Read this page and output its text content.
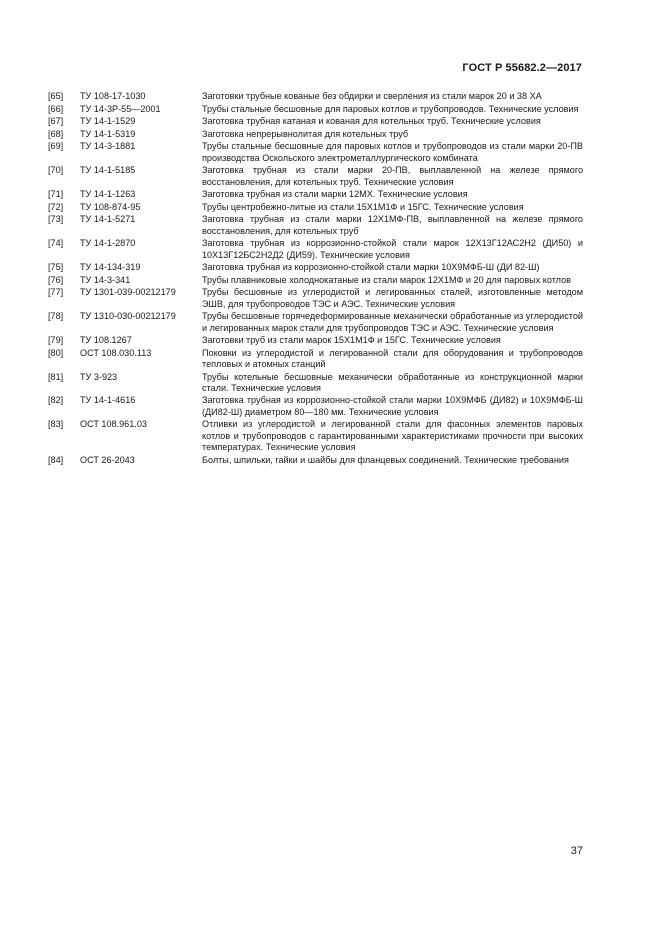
ГОСТ Р 55682.2—2017
[65]	ТУ 108-17-1030	Заготовки трубные кованые без обдирки и сверления из стали марок 20 и 38 ХА
[66]	ТУ 14-3Р-55—2001	Трубы стальные бесшовные для паровых котлов и трубопроводов. Технические условия
[67]	ТУ 14-1-1529	Заготовка трубная катаная и кованая для котельных труб. Технические условия
[68]	ТУ 14-1-5319	Заготовка непрерывнолитая для котельных труб
[69]	ТУ 14-3-1881	Трубы стальные бесшовные для паровых котлов и трубопроводов из стали марки 20-ПВ производства Оскольского электрометаллургического комбината
[70]	ТУ 14-1-5185	Заготовка трубная из стали марки 20-ПВ, выплавленной на железе прямого восстановления, для котельных труб. Технические условия
[71]	ТУ 14-1-1263	Заготовка трубная из стали марки 12МХ. Технические условия
[72]	ТУ 108-874-95	Трубы центробежно-литые из стали 15Х1М1Ф и 15ГС. Технические условия
[73]	ТУ 14-1-5271	Заготовка трубная из стали марки 12Х1МФ-ПВ, выплавленной на железе прямого восстановления, для котельных труб
[74]	ТУ 14-1-2870	Заготовка трубная из коррозионно-стойкой стали марок 12Х13Г12АС2Н2 (ДИ50) и 10Х13Г12БС2Н2Д2 (ДИ59). Технические условия
[75]	ТУ 14-134-319	Заготовка трубная из коррозионно-стойкой стали марки 10Х9МФБ-Ш (ДИ 82-Ш)
[76]	ТУ 14-3-341	Трубы плавниковые холоднокатаные из стали марок 12Х1МФ и 20 для паровых котлов
[77]	ТУ 1301-039-00212179	Трубы бесшовные из углеродистой и легированных сталей, изготовленные методом ЭШВ, для трубопроводов ТЭС и АЭС. Технические условия
[78]	ТУ 1310-030-00212179	Трубы бесшовные горячедеформированные механически обработанные из углеродистой и легированных марок стали для трубопроводов ТЭС и АЭС. Технические условия
[79]	ТУ 108.1267	Заготовки труб из стали марок 15Х1М1Ф и 15ГС. Технические условия
[80]	ОСТ 108.030.113	Поковки из углеродистой и легированной стали для оборудования и трубопроводов тепловых и атомных станций
[81]	ТУ 3-923	Трубы котельные бесшовные механически обработанные из конструкционной марки стали. Технические условия
[82]	ТУ 14-1-4616	Заготовка трубная из коррозионно-стойкой стали марки 10Х9МФБ (ДИ82) и 10Х9МФБ-Ш (ДИ82-Ш) диаметром 80—180 мм. Технические условия
[83]	ОСТ 108.961.03	Отливки из углеродистой и легированной стали для фасонных элементов паровых котлов и трубопроводов с гарантированными характеристиками прочности при высоких температурах. Технические условия
[84]	ОСТ 26-2043	Болты, шпильки, гайки и шайбы для фланцевых соединений. Технические требования
37
